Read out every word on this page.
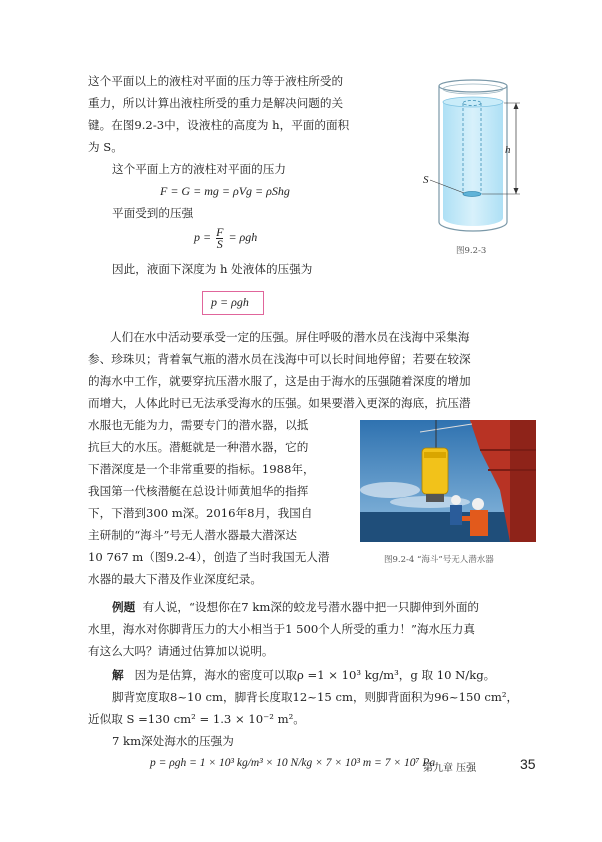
这个平面以上的液柱对平面的压力等于液柱所受的
重力，所以计算出液柱所受的重力是解决问题的关
键。在图9.2-3中，设液柱的高度为 h，平面的面积
为 S。
这个平面上方的液柱对平面的压力
F = G = mg = ρVg = ρShg
平面受到的压强
$p = \frac{F}{S} = \rho gh$
因此，液面下深度为 h 处液体的压强为
p = ρgh
h
S
图9.2-3
人们在水中活动要承受一定的压强。屏住呼吸的潜水员在浅海中采集海
参、珍珠贝；背着氧气瓶的潜水员在浅海中可以长时间地停留；若要在较深
的海水中工作，就要穿抗压潜水服了，这是由于海水的压强随着深度的增加
而增大，人体此时已无法承受海水的压强。如果要潜入更深的海底，抗压潜
水服也无能为力，需要专门的潜水器，以抵
抗巨大的水压。潜艇就是一种潜水器，它的
下潜深度是一个非常重要的指标。1988年，
我国第一代核潜艇在总设计师黄旭华的指挥
下，下潜到300 m深。2016年8月，我国自
主研制的“海斗”号无人潜水器最大潜深达
10 767 m（图9.2-4），创造了当时我国无人潜
水器的最大下潜及作业深度纪录。
图9.2-4 “海斗”号无人潜水器
例题 有人说，“设想你在7 km深的蛟龙号潜水器中把一只脚伸到外面的
水里，海水对你脚背压力的大小相当于1 500个人所受的重力！”海水压力真
有这么大吗？请通过估算加以说明。
解 因为是估算，海水的密度可以取ρ =1 × 10³ kg/m³，g 取 10 N/kg。
脚背宽度取8~10 cm，脚背长度取12~15 cm，则脚背面积为96~150 cm²，
近似取 S =130 cm² = 1.3 × 10⁻² m²。
7 km深处海水的压强为
p = ρgh = 1 × 10³ kg/m³ × 10 N/kg × 7 × 10³ m = 7 × 10⁷ Pa
第九章 压强	35
